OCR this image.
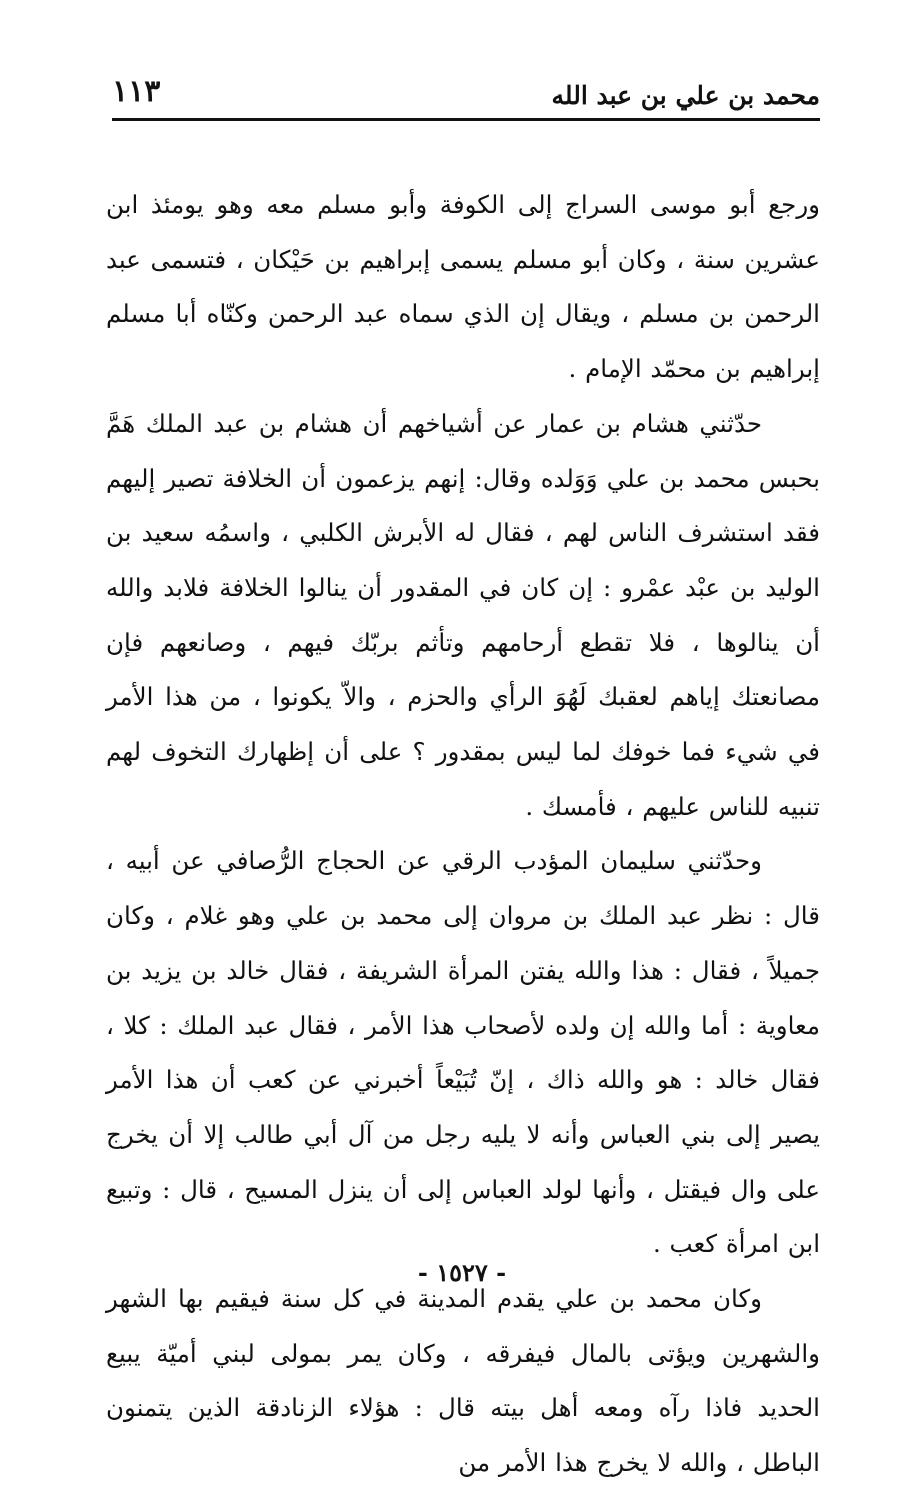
١١٣	محمد بن علي بن عبد الله

ورجع أبو موسى السراج إلى الكوفة وأبو مسلم معه وهو يومئذ ابن عشرين سنة ، وكان أبو مسلم يسمى إبراهيم بن حَيْكان ، فتسمى عبد الرحمن بن مسلم ، ويقال إن الذي سماه عبد الرحمن وكنّاه أبا مسلم إبراهيم بن محمّد الإمام .

حدّثني هشام بن عمار عن أشياخهم أن هشام بن عبد الملك هَمَّ بحبس محمد بن علي وَوَلده وقال: إنهم يزعمون أن الخلافة تصير إليهم فقد استشرف الناس لهم ، فقال له الأبرش الكلبي ، واسمُه سعيد بن الوليد بن عبْد عمْرو : إن كان في المقدور أن ينالوا الخلافة فلابد والله أن ينالوها ، فلا تقطع أرحامهم وتأثم بربّك فيهم ، وصانعهم فإن مصانعتك إياهم لعقبك لَهُوَ الرأي والحزم ، والاّ يكونوا ، من هذا الأمر في شيء فما خوفك لما ليس بمقدور ؟ على أن إظهارك التخوف لهم تنبيه للناس عليهم ، فأمسك .

وحدّثني سليمان المؤدب الرقي عن الحجاج الرُّصافي عن أبيه ، قال : نظر عبد الملك بن مروان إلى محمد بن علي وهو غلام ، وكان جميلاً ، فقال : هذا والله يفتن المرأة الشريفة ، فقال خالد بن يزيد بن معاوية : أما والله إن ولده لأصحاب هذا الأمر ، فقال عبد الملك : كلا ، فقال خالد : هو والله ذاك ، إنّ تُبَيْعاً أخبرني عن كعب أن هذا الأمر يصير إلى بني العباس وأنه لا يليه رجل من آل أبي طالب إلا أن يخرج على وال فيقتل ، وأنها لولد العباس إلى أن ينزل المسيح ، قال : وتبيع ابن امرأة كعب .

وكان محمد بن علي يقدم المدينة في كل سنة فيقيم بها الشهر والشهرين ويؤتى بالمال فيفرقه ، وكان يمر بمولى لبني أميّة يبيع الحديد فاذا رآه ومعه أهل بيته قال : هؤلاء الزنادقة الذين يتمنون الباطل ، والله لا يخرج هذا الأمر من

- ١٥٢٧ -
